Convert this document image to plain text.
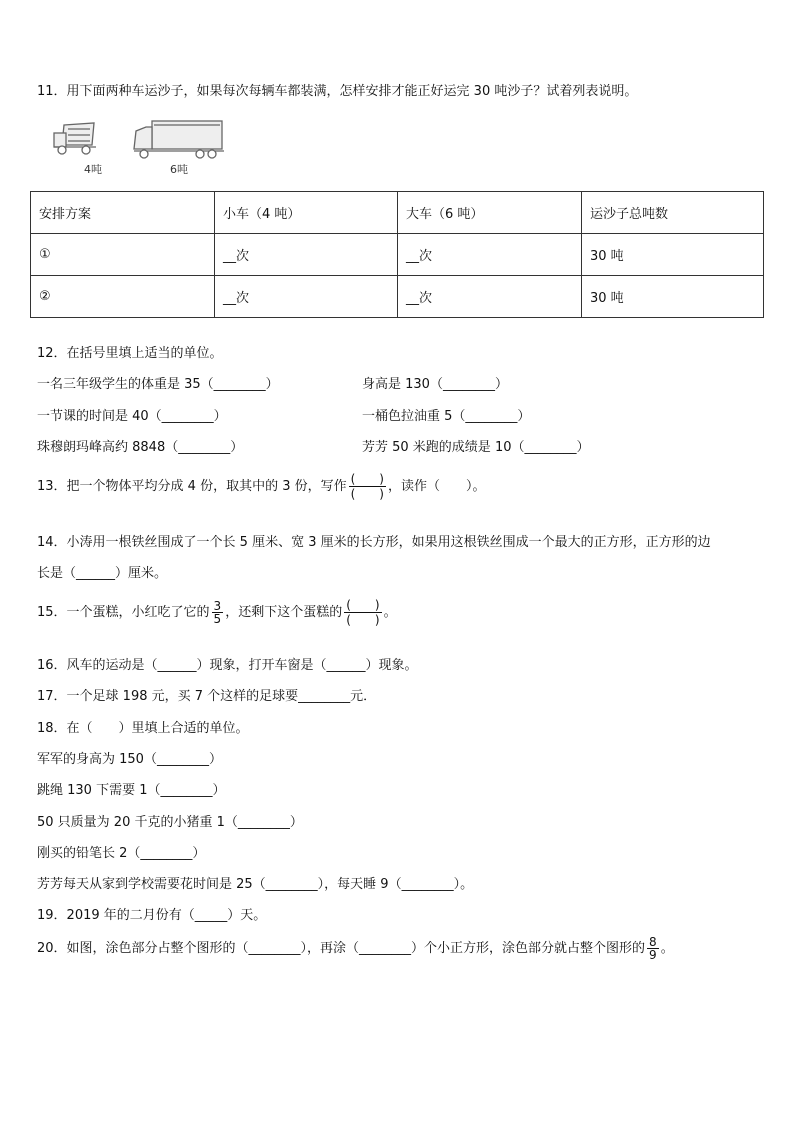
11．用下面两种车运沙子，如果每次每辆车都装满，怎样安排才能正好运完 30 吨沙子？试着列表说明。
4吨	6吨
安排方案	小车（4 吨）	大车（6 吨）	运沙子总吨数
①	__次	__次	30 吨
②	__次	__次	30 吨
12．在括号里填上适当的单位。
一名三年级学生的体重是 35（________）	身高是 130（________）
一节课的时间是 40（________）	一桶色拉油重 5（________）
珠穆朗玛峰高约 8848（________）	芳芳 50 米跑的成绩是 10（________）
13．把一个物体平均分成 4 份，取其中的 3 份，写作 $\frac{( )}{( )}$ ，读作（　　）。
14．小涛用一根铁丝围成了一个长 5 厘米、宽 3 厘米的长方形，如果用这根铁丝围成一个最大的正方形，正方形的边
长是（______）厘米。
15．一个蛋糕，小红吃了它的 $\frac{3}{5}$ ，还剩下这个蛋糕的 $\frac{( )}{( )}$ 。
16．风车的运动是（______）现象，打开车窗是（______）现象。
17．一个足球 198 元，买 7 个这样的足球要________元．
18．在（　　）里填上合适的单位。
军军的身高为 150（________）
跳绳 130 下需要 1（________）
50 只质量为 20 千克的小猪重 1（________）
刚买的铅笔长 2（________）
芳芳每天从家到学校需要花时间是 25（________），每天睡 9（________）。
19．2019 年的二月份有（_____）天。
20．如图，涂色部分占整个图形的（________），再涂（________）个小正方形，涂色部分就占整个图形的 $\frac{8}{9}$ 。
